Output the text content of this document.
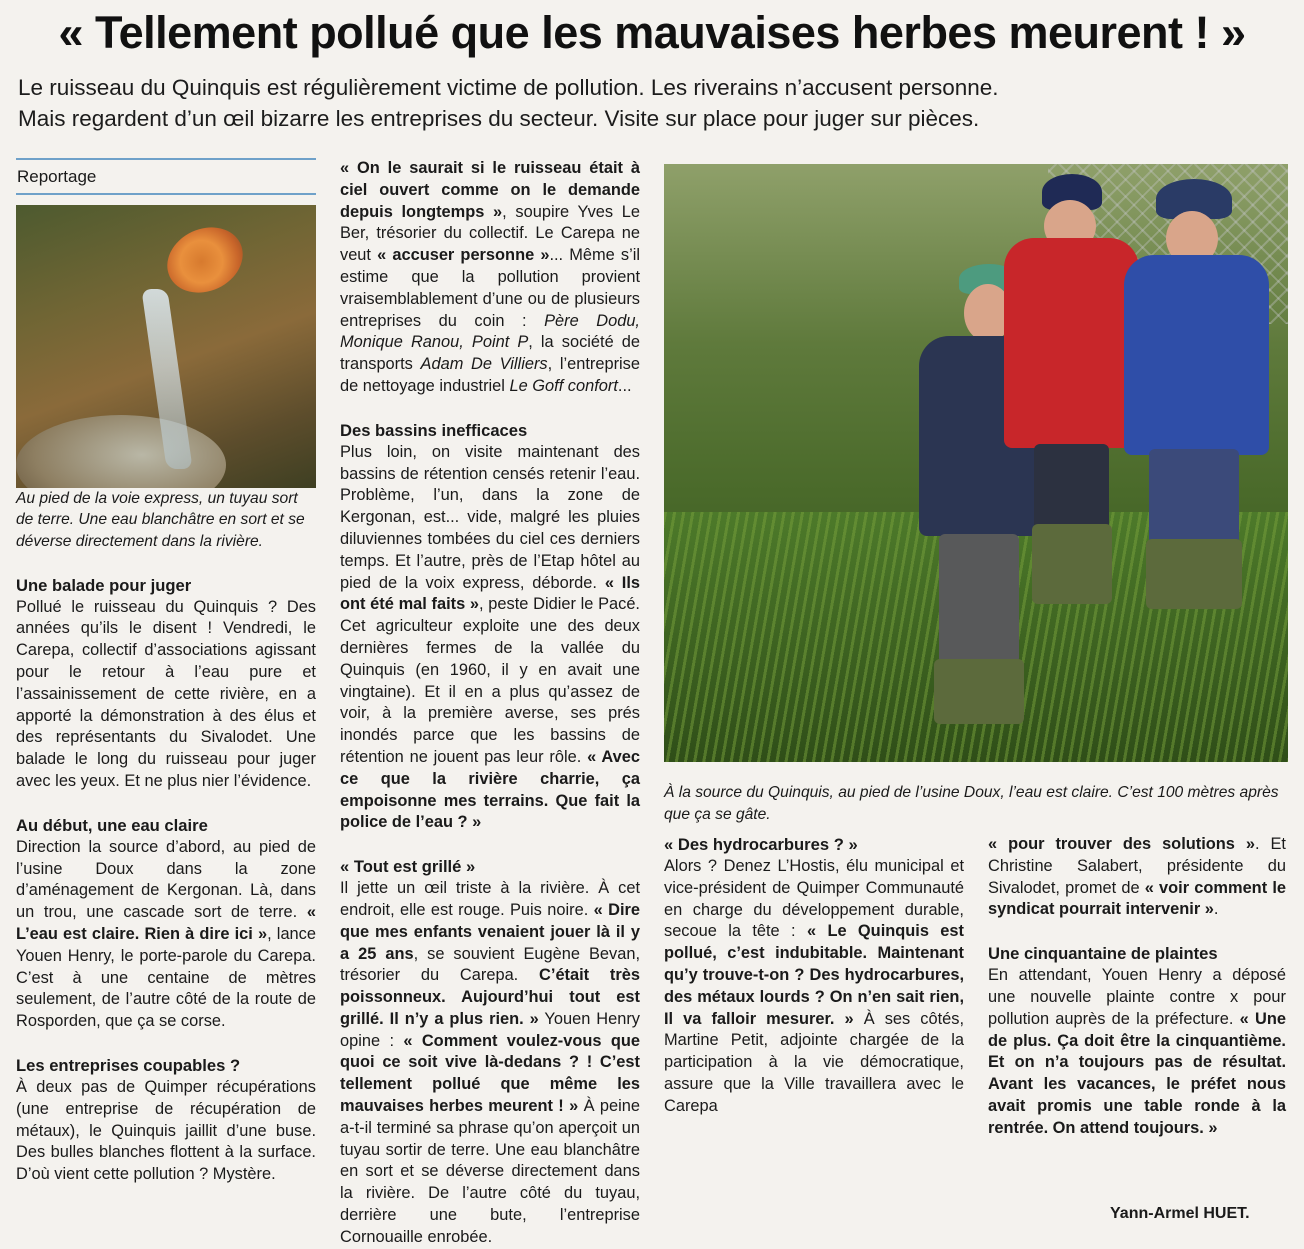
« Tellement pollué que les mauvaises herbes meurent ! »
Le ruisseau du Quinquis est régulièrement victime de pollution. Les riverains n’accusent personne.
Mais regardent d’un œil bizarre les entreprises du secteur. Visite sur place pour juger sur pièces.
Reportage

Au pied de la voie express, un tuyau sort de terre. Une eau blanchâtre en sort et se déverse directement dans la rivière.

Une balade pour juger

Pollué le ruisseau du Quinquis ? Des années qu’ils le disent ! Vendredi, le Carepa, collectif d’associations agissant pour le retour à l’eau pure et l’assainissement de cette rivière, en a apporté la démonstration à des élus et des représentants du Sivalodet. Une balade le long du ruisseau pour juger avec les yeux. Et ne plus nier l’évidence.

Au début, une eau claire

Direction la source d’abord, au pied de l’usine Doux dans la zone d’aménagement de Kergonan. Là, dans un trou, une cascade sort de terre. « L’eau est claire. Rien à dire ici », lance Youen Henry, le porte-parole du Carepa. C’est à une centaine de mètres seulement, de l’autre côté de la route de Rosporden, que ça se corse.

Les entreprises coupables ?

À deux pas de Quimper récupérations (une entreprise de récupération de métaux), le Quinquis jaillit d’une buse. Des bulles blanches flottent à la surface. D’où vient cette pollution ? Mystère.

« On le saurait si le ruisseau était à ciel ouvert comme on le demande depuis longtemps », soupire Yves Le Ber, trésorier du collectif. Le Carepa ne veut « accuser personne »... Même s’il estime que la pollution provient vraisemblablement d’une ou de plusieurs entreprises du coin : Père Dodu, Monique Ranou, Point P, la société de transports Adam De Villiers, l’entreprise de nettoyage industriel Le Goff confort...

Des bassins inefficaces

Plus loin, on visite maintenant des bassins de rétention censés retenir l’eau. Problème, l’un, dans la zone de Kergonan, est... vide, malgré les pluies diluviennes tombées du ciel ces derniers temps. Et l’autre, près de l’Etap hôtel au pied de la voix express, déborde. « Ils ont été mal faits », peste Didier le Pacé. Cet agriculteur exploite une des deux dernières fermes de la vallée du Quinquis (en 1960, il y en avait une vingtaine). Et il en a plus qu’assez de voir, à la première averse, ses prés inondés parce que les bassins de rétention ne jouent pas leur rôle. « Avec ce que la rivière charrie, ça empoisonne mes terrains. Que fait la police de l’eau ? »

« Tout est grillé »

Il jette un œil triste à la rivière. À cet endroit, elle est rouge. Puis noire. « Dire que mes enfants venaient jouer là il y a 25 ans, se souvient Eugène Bevan, trésorier du Carepa. C’était très poissonneux. Aujourd’hui tout est grillé. Il n’y a plus rien. » Youen Henry opine : « Comment voulez-vous que quoi ce soit vive là-dedans ? ! C’est tellement pollué que même les mauvaises herbes meurent ! » À peine a-t-il terminé sa phrase qu’on aperçoit un tuyau sortir de terre. Une eau blanchâtre en sort et se déverse directement dans la rivière. De l’autre côté du tuyau, derrière une bute, l’entreprise Cornouaille enrobée.

À la source du Quinquis, au pied de l’usine Doux, l’eau est claire. C’est 100 mètres après que ça se gâte.

« Des hydrocarbures ? »

Alors ? Denez L’Hostis, élu municipal et vice-président de Quimper Communauté en charge du développement durable, secoue la tête : « Le Quinquis est pollué, c’est indubitable. Maintenant qu’y trouve-t-on ? Des hydrocarbures, des métaux lourds ? On n’en sait rien, Il va falloir mesurer. » À ses côtés, Martine Petit, adjointe chargée de la participation à la vie démocratique, assure que la Ville travaillera avec le Carepa

« pour trouver des solutions ». Et Christine Salabert, présidente du Sivalodet, promet de « voir comment le syndicat pourrait intervenir ».

Une cinquantaine de plaintes

En attendant, Youen Henry a déposé une nouvelle plainte contre x pour pollution auprès de la préfecture. « Une de plus. Ça doit être la cinquantième. Et on n’a toujours pas de résultat. Avant les vacances, le préfet nous avait promis une table ronde à la rentrée. On attend toujours. »

Yann-Armel HUET.
